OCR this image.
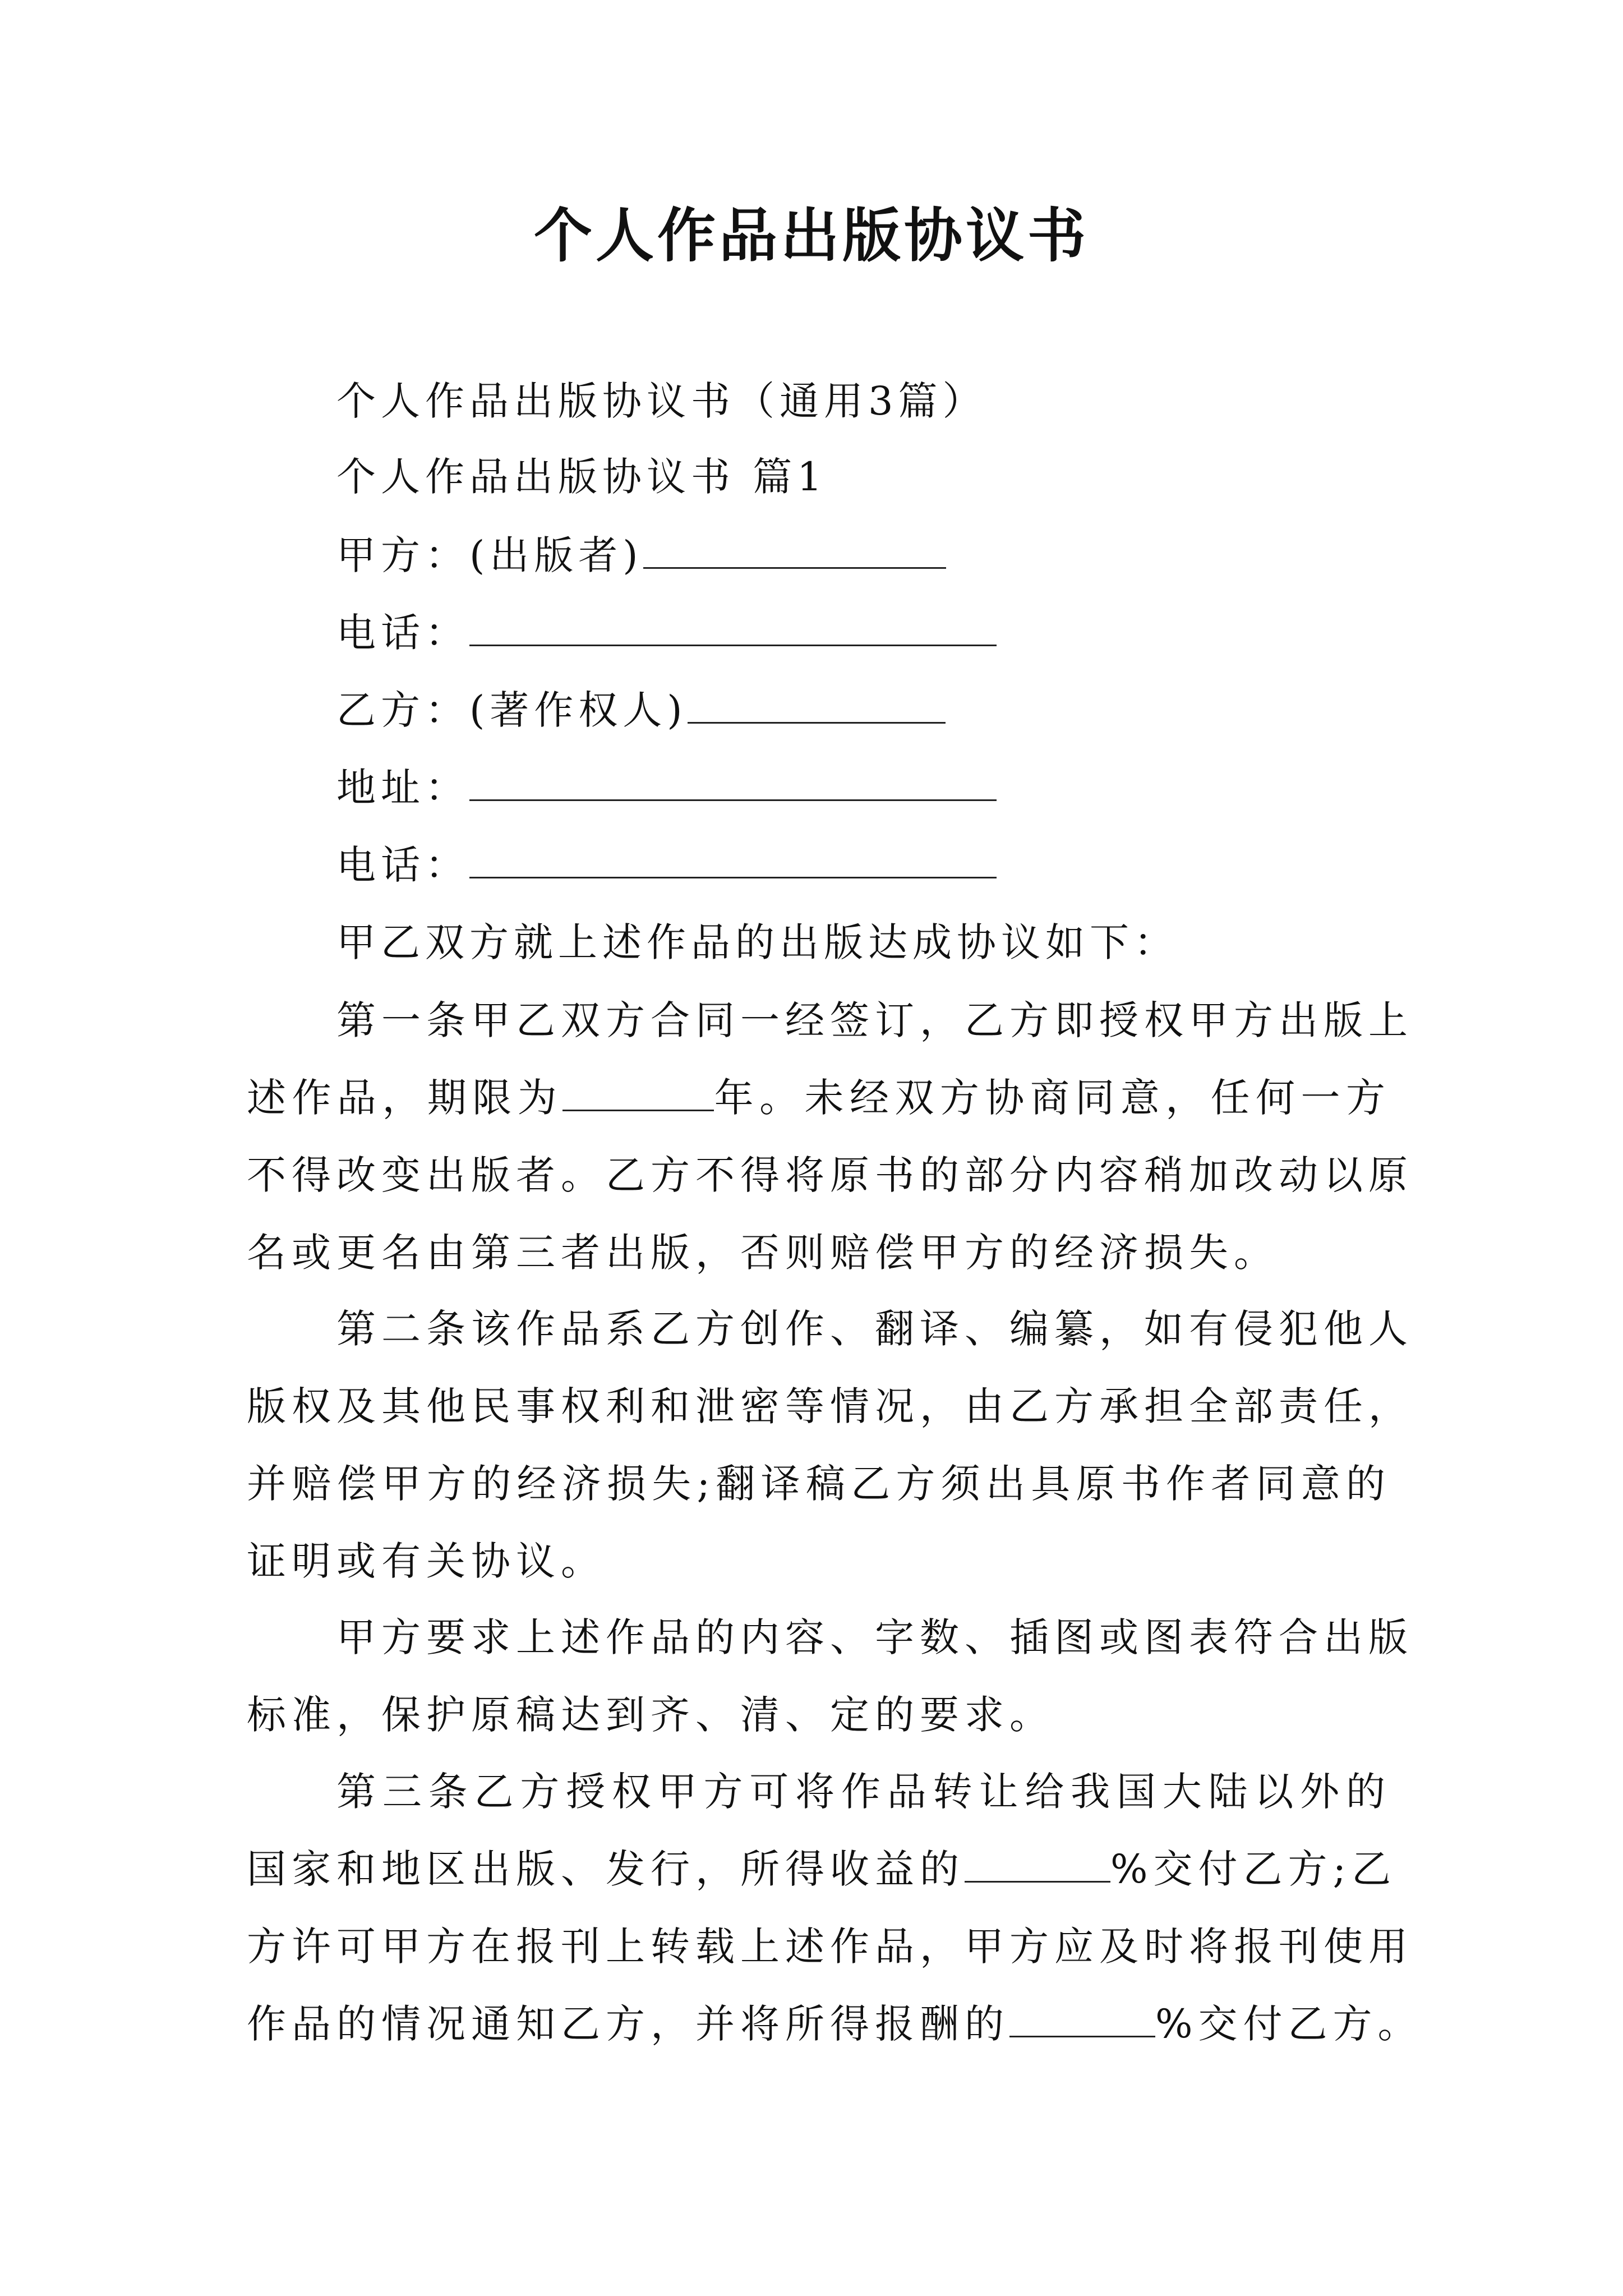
个人作品出版协议书
个人作品出版协议书（通用3篇）
个人作品出版协议书 篇1
甲方：(出版者)
电话：
乙方：(著作权人)
地址：
电话：
甲乙双方就上述作品的出版达成协议如下：
第一条甲乙双方合同一经签订，乙方即授权甲方出版上
述作品，期限为	年。未经双方协商同意，任何一方
不得改变出版者。乙方不得将原书的部分内容稍加改动以原
名或更名由第三者出版，否则赔偿甲方的经济损失。
第二条该作品系乙方创作、翻译、编纂，如有侵犯他人
版权及其他民事权利和泄密等情况，由乙方承担全部责任，
并赔偿甲方的经济损失;翻译稿乙方须出具原书作者同意的
证明或有关协议。
甲方要求上述作品的内容、字数、插图或图表符合出版
标准，保护原稿达到齐、清、定的要求。
第三条乙方授权甲方可将作品转让给我国大陆以外的
国家和地区出版、发行，所得收益的	%交付乙方;乙
方许可甲方在报刊上转载上述作品，甲方应及时将报刊使用
作品的情况通知乙方，并将所得报酬的	%交付乙方。
